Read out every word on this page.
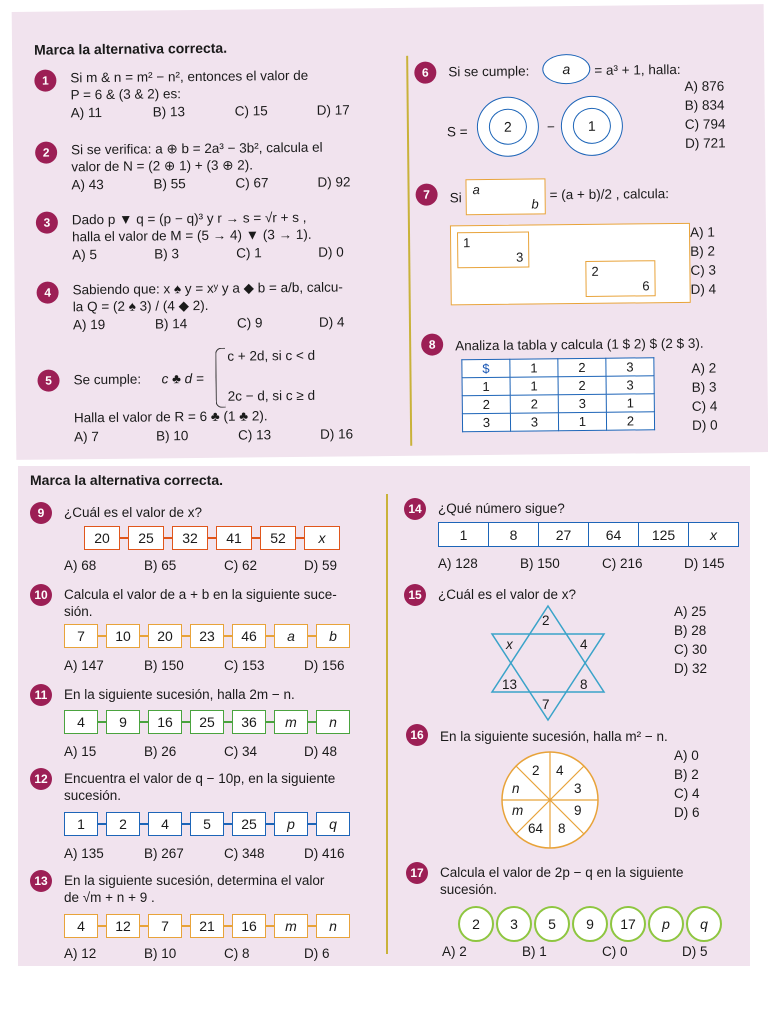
Marca la alternativa correcta.
1	Si m & n = m² − n², entonces el valor de
P = 6 & (3 & 2) es:
A) 11	B) 13	C) 15	D) 17
2	Si se verifica: a ⊕ b = 2a³ − 3b², calcula el
valor de N = (2 ⊕ 1) + (3 ⊕ 2).
A) 43	B) 55	C) 67	D) 92
3	Dado p ▼ q = (p − q)³ y r → s = √r + s ,
halla el valor de M = (5 → 4) ▼ (3 → 1).
A) 5	B) 3	C) 1	D) 0
4	Sabiendo que: x ♠ y = xʸ y a ◆ b = a/b, calcu-
la Q = (2 ♠ 3) / (4 ◆ 2).
A) 19	B) 14	C) 9	D) 4
5	Se cumple: c ♣ d =
c + 2d, si c < d
2c − d, si c ≥ d
Halla el valor de R = 6 ♣ (1 ♣ 2).
A) 7	B) 10	C) 13	D) 16
6	Si se cumple:	a	= a³ + 1, halla:
S =	2	−	1
A) 876
B) 834
C) 794
D) 721
7	Si
a
b
= (a + b)/2 , calcula:
1
3
2
6
A) 1
B) 2
C) 3
D) 4
8	Analiza la tabla y calcula (1 $ 2) $ (2 $ 3).
$	1	2	3
1	1	2	3
2	2	3	1
3	3	1	2
A) 2
B) 3
C) 4
D) 0
Marca la alternativa correcta.
9	¿Cuál es el valor de x?
20	25	32	41	52	x
A) 68	B) 65	C) 62	D) 59
10	Calcula el valor de a + b en la siguiente suce-
sión.
7	10	20	23	46	a	b
A) 147	B) 150	C) 153	D) 156
11	En la siguiente sucesión, halla 2m − n.
4	9	16	25	36	m	n
A) 15	B) 26	C) 34	D) 48
12	Encuentra el valor de q − 10p, en la siguiente
sucesión.
1	2	4	5	25	p	q
A) 135	B) 267	C) 348	D) 416
13	En la siguiente sucesión, determina el valor
de √m + n + 9 .
4	12	7	21	16	m	n
A) 12	B) 10	C) 8	D) 6
14	¿Qué número sigue?
1	8	27	64	125	x
A) 128	B) 150	C) 216	D) 145
15	¿Cuál es el valor de x?
2
x	4
13	8
7
A) 25
B) 28
C) 30
D) 32
16	En la siguiente sucesión, halla m² − n.
2 4
3
9
8
64
m
n
A) 0
B) 2
C) 4
D) 6
17	Calcula el valor de 2p − q en la siguiente
sucesión.
2	3	5	9	17	p	q
A) 2	B) 1	C) 0	D) 5
